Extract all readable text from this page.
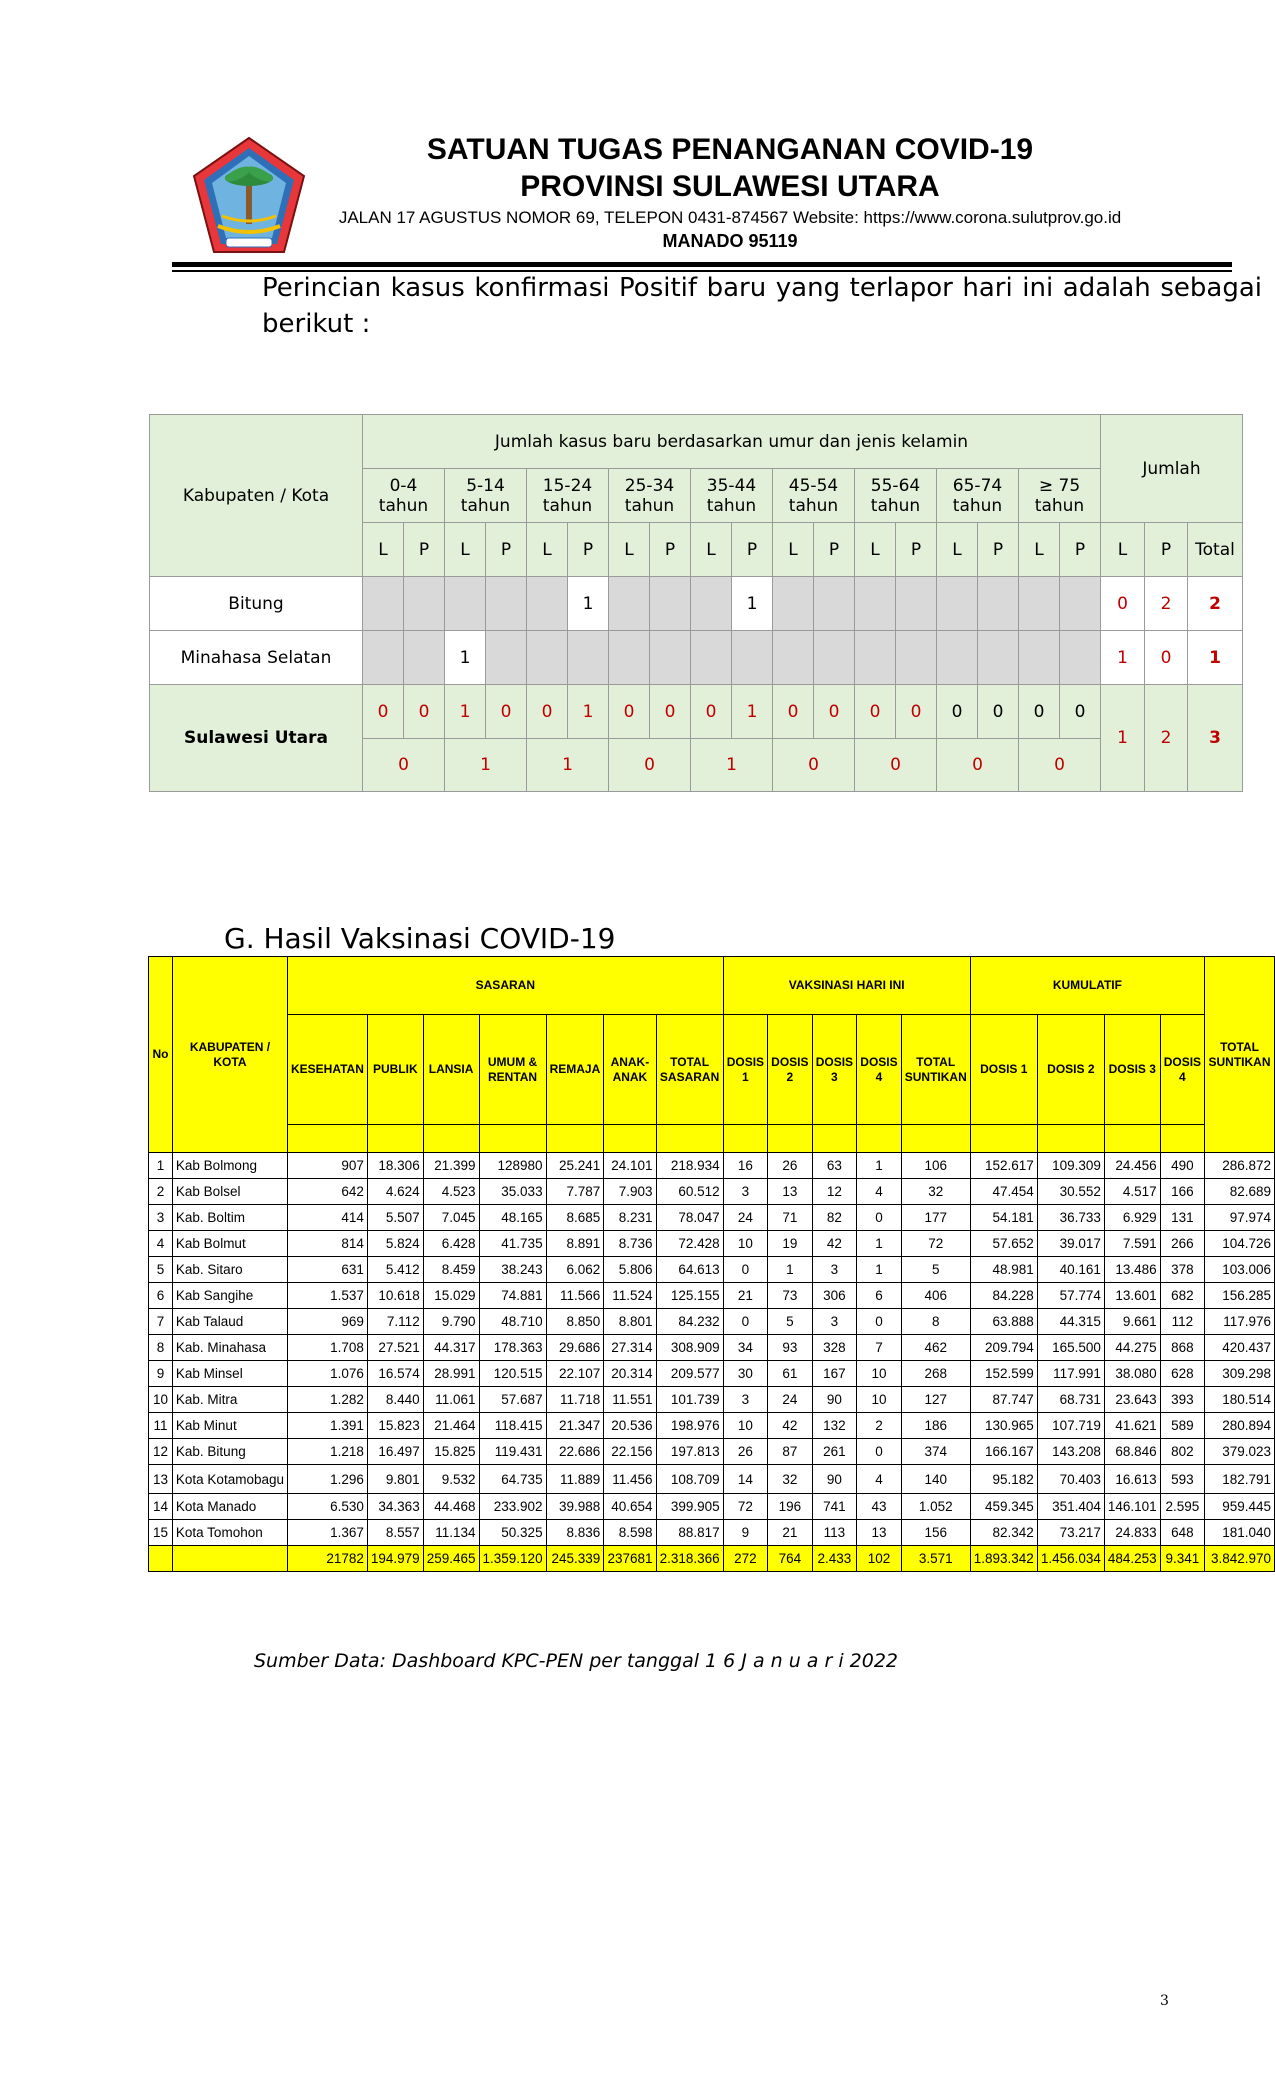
SATUAN TUGAS PENANGANAN COVID-19
PROVINSI SULAWESI UTARA
JALAN 17 AGUSTUS NOMOR 69, TELEPON 0431-874567 Website: https://www.corona.sulutprov.go.id
MANADO 95119
Perincian kasus konfirmasi Positif baru yang terlapor hari ini adalah sebagai berikut :
Kabupaten / Kota	Jumlah kasus baru berdasarkan umur dan jenis kelamin																		Jumlah		
	0-4 tahun		5-14 tahun		15-24 tahun		25-34 tahun		35-44 tahun		45-54 tahun		55-64 tahun		65-74 tahun		≥ 75 tahun				
	L	P	L	P	L	P	L	P	L	P	L	P	L	P	L	P	L	P	L	P	Total
Bitung						1				1									0	2	2
Minahasa Selatan			1																1	0	1
Sulawesi Utara	0	0	1	0	0	1	0	0	0	1	0	0	0	0	0	0	0	0	1	2	3
	0		1		1		0		1		0		0		0		0				
G. Hasil Vaksinasi COVID-19
No	KABUPATEN / KOTA	SASARAN							VAKSINASI HARI INI					KUMULATIF				TOTAL SUNTIKAN
		KESEHATAN	PUBLIK	LANSIA	UMUM & RENTAN	REMAJA	ANAK-ANAK	TOTAL SASARAN	DOSIS 1	DOSIS 2	DOSIS 3	DOSIS 4	TOTAL SUNTIKAN	DOSIS 1	DOSIS 2	DOSIS 3	DOSIS 4	

1	Kab Bolmong	907	18.306	21.399	128980	25.241	24.101	218.934	16	26	63	1	106	152.617	109.309	24.456	490	286.872
2	Kab Bolsel	642	4.624	4.523	35.033	7.787	7.903	60.512	3	13	12	4	32	47.454	30.552	4.517	166	82.689
3	Kab. Boltim	414	5.507	7.045	48.165	8.685	8.231	78.047	24	71	82	0	177	54.181	36.733	6.929	131	97.974
4	Kab Bolmut	814	5.824	6.428	41.735	8.891	8.736	72.428	10	19	42	1	72	57.652	39.017	7.591	266	104.726
5	Kab. Sitaro	631	5.412	8.459	38.243	6.062	5.806	64.613	0	1	3	1	5	48.981	40.161	13.486	378	103.006
6	Kab Sangihe	1.537	10.618	15.029	74.881	11.566	11.524	125.155	21	73	306	6	406	84.228	57.774	13.601	682	156.285
7	Kab Talaud	969	7.112	9.790	48.710	8.850	8.801	84.232	0	5	3	0	8	63.888	44.315	9.661	112	117.976
8	Kab. Minahasa	1.708	27.521	44.317	178.363	29.686	27.314	308.909	34	93	328	7	462	209.794	165.500	44.275	868	420.437
9	Kab Minsel	1.076	16.574	28.991	120.515	22.107	20.314	209.577	30	61	167	10	268	152.599	117.991	38.080	628	309.298
10	Kab. Mitra	1.282	8.440	11.061	57.687	11.718	11.551	101.739	3	24	90	10	127	87.747	68.731	23.643	393	180.514
11	Kab Minut	1.391	15.823	21.464	118.415	21.347	20.536	198.976	10	42	132	2	186	130.965	107.719	41.621	589	280.894
12	Kab. Bitung	1.218	16.497	15.825	119.431	22.686	22.156	197.813	26	87	261	0	374	166.167	143.208	68.846	802	379.023
13	Kota Kotamobagu	1.296	9.801	9.532	64.735	11.889	11.456	108.709	14	32	90	4	140	95.182	70.403	16.613	593	182.791
14	Kota Manado	6.530	34.363	44.468	233.902	39.988	40.654	399.905	72	196	741	43	1.052	459.345	351.404	146.101	2.595	959.445
15	Kota Tomohon	1.367	8.557	11.134	50.325	8.836	8.598	88.817	9	21	113	13	156	82.342	73.217	24.833	648	181.040
		21782	194.979	259.465	1.359.120	245.339	237681	2.318.366	272	764	2.433	102	3.571	1.893.342	1.456.034	484.253	9.341	3.842.970
Sumber Data: Dashboard KPC-PEN per tanggal 1 6 J a n u a r i 2022
3
